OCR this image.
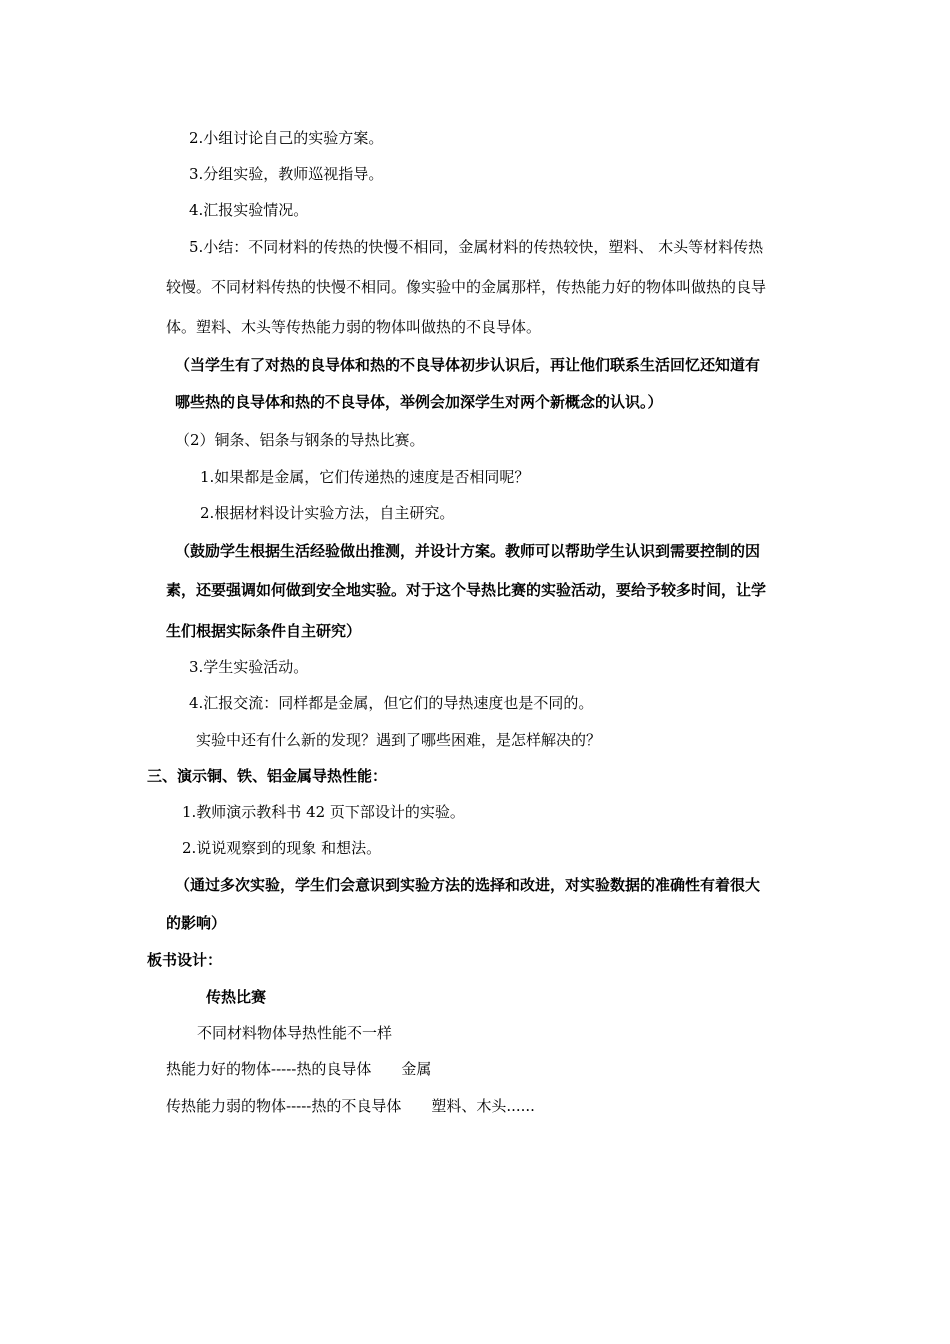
2.小组讨论自己的实验方案。
3.分组实验，教师巡视指导。
4.汇报实验情况。
5.小结：不同材料的传热的快慢不相同，金属材料的传热较快，塑料、 木头等材料传热
较慢。不同材料传热的快慢不相同。像实验中的金属那样，传热能力好的物体叫做热的良导
体。塑料、木头等传热能力弱的物体叫做热的不良导体。
（当学生有了对热的良导体和热的不良导体初步认识后，再让他们联系生活回忆还知道有
哪些热的良导体和热的不良导体，举例会加深学生对两个新概念的认识。）
（2）铜条、铝条与钢条的导热比赛。
1.如果都是金属，它们传递热的速度是否相同呢？
2.根据材料设计实验方法，自主研究。
（鼓励学生根据生活经验做出推测，并设计方案。教师可以帮助学生认识到需要控制的因
素，还要强调如何做到安全地实验。对于这个导热比赛的实验活动，要给予较多时间，让学
生们根据实际条件自主研究）
3.学生实验活动。
4.汇报交流：同样都是金属，但它们的导热速度也是不同的。
实验中还有什么新的发现？遇到了哪些困难，是怎样解决的？
三、演示铜、铁、铝金属导热性能：
1.教师演示教科书 42 页下部设计的实验。
2.说说观察到的现象 和想法。
（通过多次实验，学生们会意识到实验方法的选择和改进，对实验数据的准确性有着很大
的影响）
板书设计：
传热比赛
不同材料物体导热性能不一样
热能力好的物体-----热的良导体　　金属
传热能力弱的物体-----热的不良导体　　塑料、木头......
